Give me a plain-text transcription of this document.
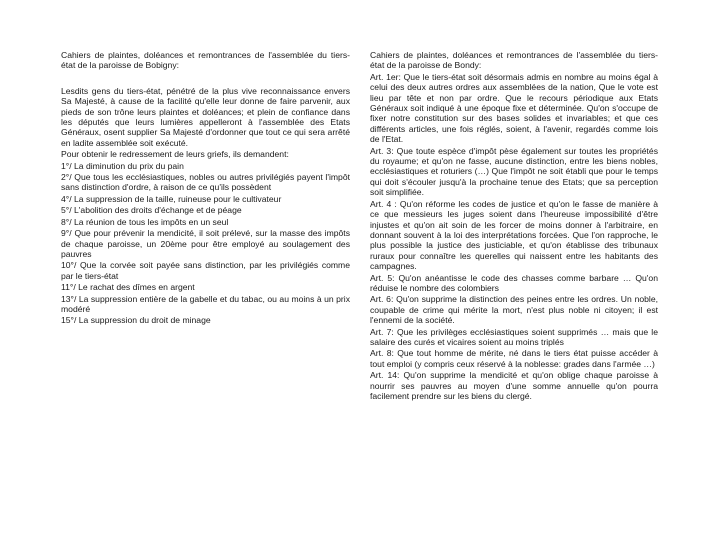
Cahiers de plaintes, doléances et remontrances de l'assemblée du tiers-état de la paroisse de Bobigny:

Lesdits gens du tiers-état, pénétré de la plus vive reconnaissance envers Sa Majesté, à cause de la facilité qu'elle leur donne de faire parvenir, aux pieds de son trône leurs plaintes et doléances; et plein de confiance dans les députés que leurs lumières appelleront à l'assemblée des Etats Généraux, osent supplier Sa Majesté d'ordonner que tout ce qui sera arrêté en ladite assemblée soit exécuté.

Pour obtenir le redressement de leurs griefs, ils demandent:

1°/ La diminution du prix du pain

2°/ Que tous les ecclésiastiques, nobles ou autres privilégiés payent l'impôt sans distinction d'ordre, à raison de ce qu'ils possèdent

4°/ La suppression de la taille, ruineuse pour le cultivateur

5°/ L'abolition des droits d'échange et de péage

8°/ La réunion de tous les impôts en un seul

9°/ Que pour prévenir la mendicité, il soit prélevé, sur la masse des impôts de chaque paroisse, un 20ème pour être employé au soulagement des pauvres

10°/ Que la corvée soit payée sans distinction, par les privilégiés comme par le tiers-état

11°/ Le rachat des dîmes en argent

13°/ La suppression entière de la gabelle et du tabac, ou au moins à un prix modéré

15°/ La suppression du droit de minage

Cahiers de plaintes, doléances et remontrances de l'assemblée du tiers-état de la paroisse de Bondy:

Art. 1er: Que le tiers-état soit désormais admis en nombre au moins égal à celui des deux autres ordres aux assemblées de la nation, Que le vote est lieu par tête et non par ordre. Que le recours périodique aux Etats Généraux soit indiqué à une époque fixe et déterminée. Qu'on s'occupe de fixer notre constitution sur des bases solides et invariables; et que ces différents articles, une fois réglés, soient, à l'avenir, regardés comme lois de l'Etat.

Art. 3: Que toute espèce d'impôt pèse également sur toutes les propriétés du royaume; et qu'on ne fasse, aucune distinction, entre les biens nobles, ecclésiastiques et roturiers (…) Que l'impôt ne soit établi que pour le temps qui doit s'écouler jusqu'à la prochaine tenue des Etats; que sa perception soit simplifiée.

Art. 4 : Qu'on réforme les codes de justice et qu'on le fasse de manière à ce que messieurs les juges soient dans l'heureuse impossibilité d'être injustes et qu'on ait soin de les forcer de moins donner à l'arbitraire, en donnant souvent à la loi des interprétations forcées. Que l'on rapproche, le plus possible la justice des justiciable, et qu'on établisse des tribunaux ruraux pour connaître les querelles qui naissent entre les habitants des campagnes.

Art. 5: Qu'on anéantisse le code des chasses comme barbare … Qu'on réduise le nombre des colombiers

Art. 6: Qu'on supprime la distinction des peines entre les ordres. Un noble, coupable de crime qui mérite la mort, n'est plus noble ni citoyen; il est l'ennemi de la société.

Art. 7: Que les privilèges ecclésiastiques soient supprimés … mais que le salaire des curés et vicaires soient au moins triplés

Art. 8: Que tout homme de mérite, né dans le tiers état puisse accéder à tout emploi (y compris ceux réservé à la noblesse: grades dans l'armée …)

Art. 14: Qu'on supprime la mendicité et qu'on oblige chaque paroisse à nourrir ses pauvres au moyen d'une somme annuelle qu'on pourra facilement prendre sur les biens du clergé.
